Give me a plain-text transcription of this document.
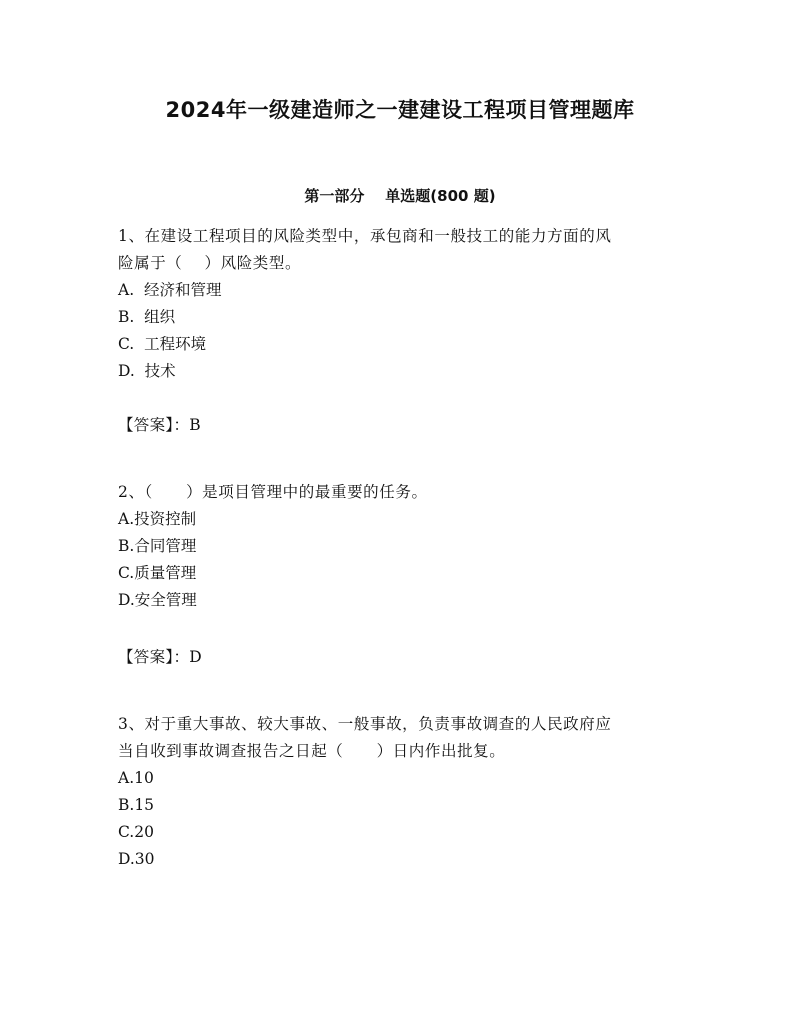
2024年一级建造师之一建建设工程项目管理题库
第一部分    单选题(800 题)
1、在建设工程项目的风险类型中，承包商和一般技工的能力方面的风
险属于（    ）风险类型。
A.  经济和管理
B.  组织
C.  工程环境
D.  技术
【答案】：B
2、（      ）是项目管理中的最重要的任务。
A.投资控制
B.合同管理
C.质量管理
D.安全管理
【答案】：D
3、对于重大事故、较大事故、一般事故，负责事故调查的人民政府应
当自收到事故调查报告之日起（      ）日内作出批复。
A.10
B.15
C.20
D.30
